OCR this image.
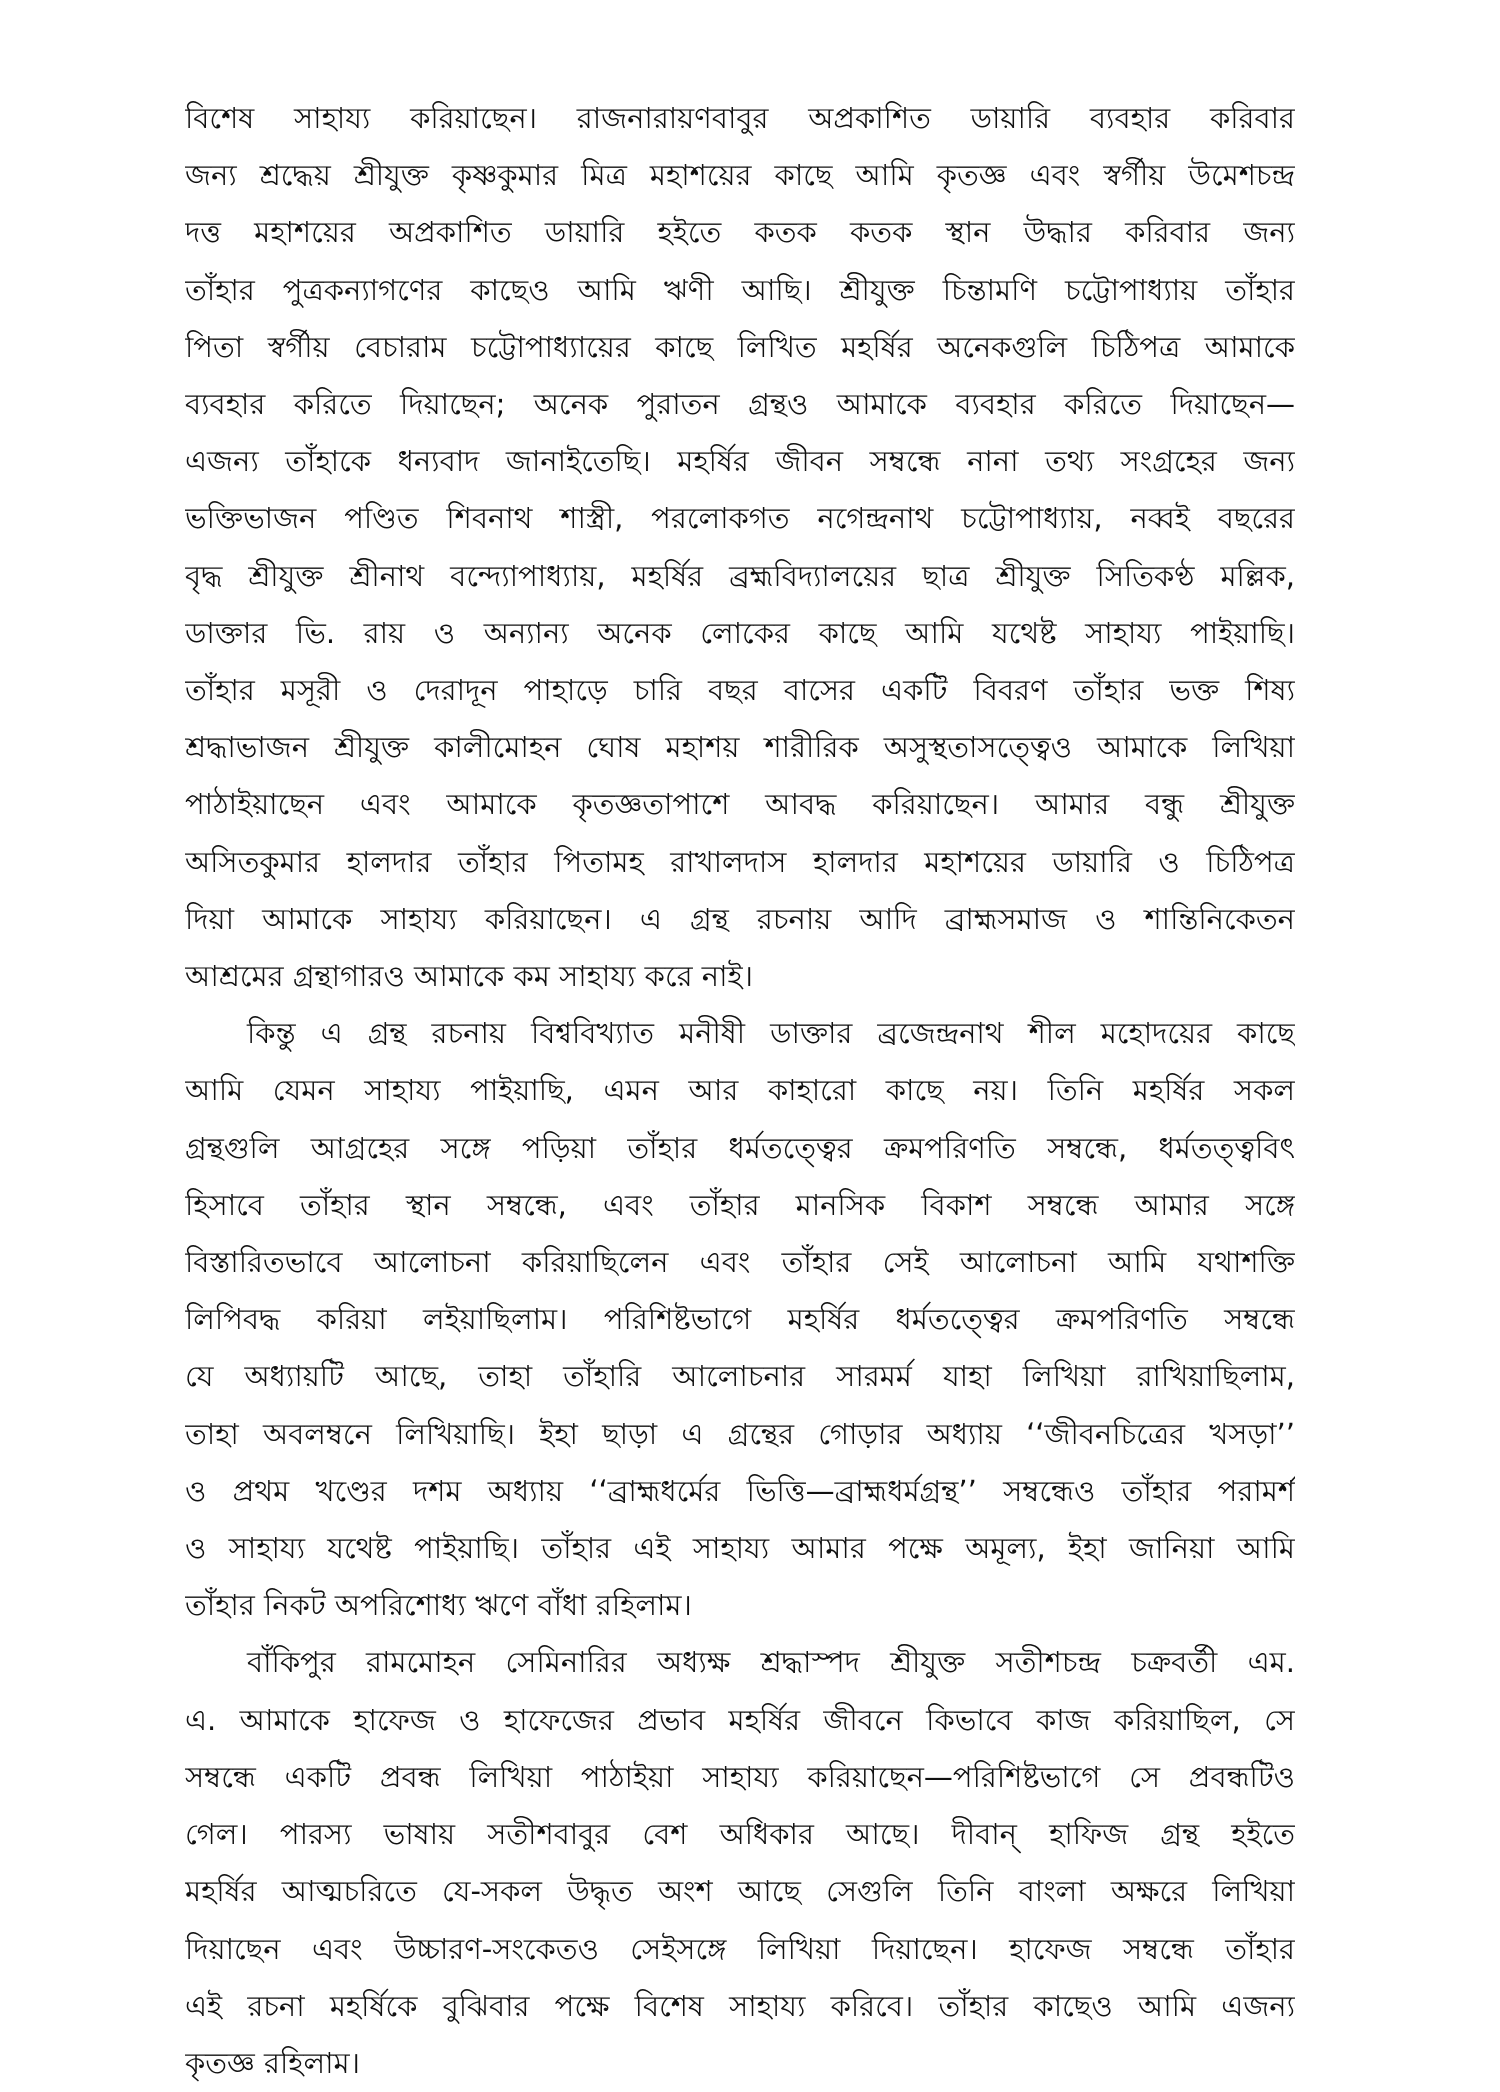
বিশেষ সাহায্য করিয়াছেন। রাজনারায়ণবাবুর অপ্রকাশিত ডায়ারি ব্যবহার করিবার
জন্য শ্রদ্ধেয় শ্রীযুক্ত কৃষ্ণকুমার মিত্র মহাশয়ের কাছে আমি কৃতজ্ঞ এবং স্বর্গীয় উমেশচন্দ্র
দত্ত মহাশয়ের অপ্রকাশিত ডায়ারি হইতে কতক কতক স্থান উদ্ধার করিবার জন্য
তাঁহার পুত্রকন্যাগণের কাছেও আমি ঋণী আছি। শ্রীযুক্ত চিন্তামণি চট্টোপাধ্যায় তাঁহার
পিতা স্বর্গীয় বেচারাম চট্টোপাধ্যায়ের কাছে লিখিত মহর্ষির অনেকগুলি চিঠিপত্র আমাকে
ব্যবহার করিতে দিয়াছেন; অনেক পুরাতন গ্রন্থও আমাকে ব্যবহার করিতে দিয়াছেন—
এজন্য তাঁহাকে ধন্যবাদ জানাইতেছি। মহর্ষির জীবন সম্বন্ধে নানা তথ্য সংগ্রহের জন্য
ভক্তিভাজন পণ্ডিত শিবনাথ শাস্ত্রী, পরলোকগত নগেন্দ্রনাথ চট্টোপাধ্যায়, নব্বই বছরের
বৃদ্ধ শ্রীযুক্ত শ্রীনাথ বন্দ্যোপাধ্যায়, মহর্ষির ব্রহ্মবিদ্যালয়ের ছাত্র শ্রীযুক্ত সিতিকণ্ঠ মল্লিক,
ডাক্তার ভি. রায় ও অন্যান্য অনেক লোকের কাছে আমি যথেষ্ট সাহায্য পাইয়াছি।
তাঁহার মসূরী ও দেরাদূন পাহাড়ে চারি বছর বাসের একটি বিবরণ তাঁহার ভক্ত শিষ্য
শ্রদ্ধাভাজন শ্রীযুক্ত কালীমোহন ঘোষ মহাশয় শারীরিক অসুস্থতাসত্ত্বেও আমাকে লিখিয়া
পাঠাইয়াছেন এবং আমাকে কৃতজ্ঞতাপাশে আবদ্ধ করিয়াছেন। আমার বন্ধু শ্রীযুক্ত
অসিতকুমার হালদার তাঁহার পিতামহ রাখালদাস হালদার মহাশয়ের ডায়ারি ও চিঠিপত্র
দিয়া আমাকে সাহায্য করিয়াছেন। এ গ্রন্থ রচনায় আদি ব্রাহ্মসমাজ ও শান্তিনিকেতন
আশ্রমের গ্রন্থাগারও আমাকে কম সাহায্য করে নাই।
কিন্তু এ গ্রন্থ রচনায় বিশ্ববিখ্যাত মনীষী ডাক্তার ব্রজেন্দ্রনাথ শীল মহোদয়ের কাছে
আমি যেমন সাহায্য পাইয়াছি, এমন আর কাহারো কাছে নয়। তিনি মহর্ষির সকল
গ্রন্থগুলি আগ্রহের সঙ্গে পড়িয়া তাঁহার ধর্মতত্ত্বের ক্রমপরিণতি সম্বন্ধে, ধর্মতত্ত্ববিৎ
হিসাবে তাঁহার স্থান সম্বন্ধে, এবং তাঁহার মানসিক বিকাশ সম্বন্ধে আমার সঙ্গে
বিস্তারিতভাবে আলোচনা করিয়াছিলেন এবং তাঁহার সেই আলোচনা আমি যথাশক্তি
লিপিবদ্ধ করিয়া লইয়াছিলাম। পরিশিষ্টভাগে মহর্ষির ধর্মতত্ত্বের ক্রমপরিণতি সম্বন্ধে
যে অধ্যায়টি আছে, তাহা তাঁহারি আলোচনার সারমর্ম যাহা লিখিয়া রাখিয়াছিলাম,
তাহা অবলম্বনে লিখিয়াছি। ইহা ছাড়া এ গ্রন্থের গোড়ার অধ্যায় ‘‘জীবনচিত্রের খসড়া’’
ও প্রথম খণ্ডের দশম অধ্যায় ‘‘ব্রাহ্মধর্মের ভিত্তি—ব্রাহ্মধর্মগ্রন্থ’’ সম্বন্ধেও তাঁহার পরামর্শ
ও সাহায্য যথেষ্ট পাইয়াছি। তাঁহার এই সাহায্য আমার পক্ষে অমূল্য, ইহা জানিয়া আমি
তাঁহার নিকট অপরিশোধ্য ঋণে বাঁধা রহিলাম।
বাঁকিপুর রামমোহন সেমিনারির অধ্যক্ষ শ্রদ্ধাস্পদ শ্রীযুক্ত সতীশচন্দ্র চক্রবর্তী এম.
এ. আমাকে হাফেজ ও হাফেজের প্রভাব মহর্ষির জীবনে কিভাবে কাজ করিয়াছিল, সে
সম্বন্ধে একটি প্রবন্ধ লিখিয়া পাঠাইয়া সাহায্য করিয়াছেন—পরিশিষ্টভাগে সে প্রবন্ধটিও
গেল। পারস্য ভাষায় সতীশবাবুর বেশ অধিকার আছে। দীবান্ হাফিজ গ্রন্থ হইতে
মহর্ষির আত্মচরিতে যে-সকল উদ্ধৃত অংশ আছে সেগুলি তিনি বাংলা অক্ষরে লিখিয়া
দিয়াছেন এবং উচ্চারণ-সংকেতও সেইসঙ্গে লিখিয়া দিয়াছেন। হাফেজ সম্বন্ধে তাঁহার
এই রচনা মহর্ষিকে বুঝিবার পক্ষে বিশেষ সাহায্য করিবে। তাঁহার কাছেও আমি এজন্য
কৃতজ্ঞ রহিলাম।
